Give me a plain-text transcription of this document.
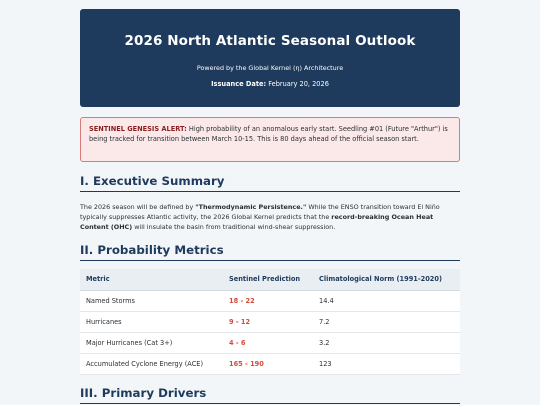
2026 North Atlantic Seasonal Outlook
Powered by the Global Kernel (η) Architecture
Issuance Date: February 20, 2026
SENTINEL GENESIS ALERT: High probability of an anomalous early start. Seedling #01 (Future "Arthur") is being tracked for transition between March 10-15. This is 80 days ahead of the official season start.
I. Executive Summary

The 2026 season will be defined by "Thermodynamic Persistence." While the ENSO transition toward El Niño typically suppresses Atlantic activity, the 2026 Global Kernel predicts that the record-breaking Ocean Heat Content (OHC) will insulate the basin from traditional wind-shear suppression.

II. Probability Metrics
Metric	Sentinel Prediction	Climatological Norm (1991-2020)
Named Storms	18 - 22	14.4
Hurricanes	9 - 12	7.2
Major Hurricanes (Cat 3+)	4 - 6	3.2
Accumulated Cyclone Energy (ACE)	165 - 190	123
III. Primary Drivers
